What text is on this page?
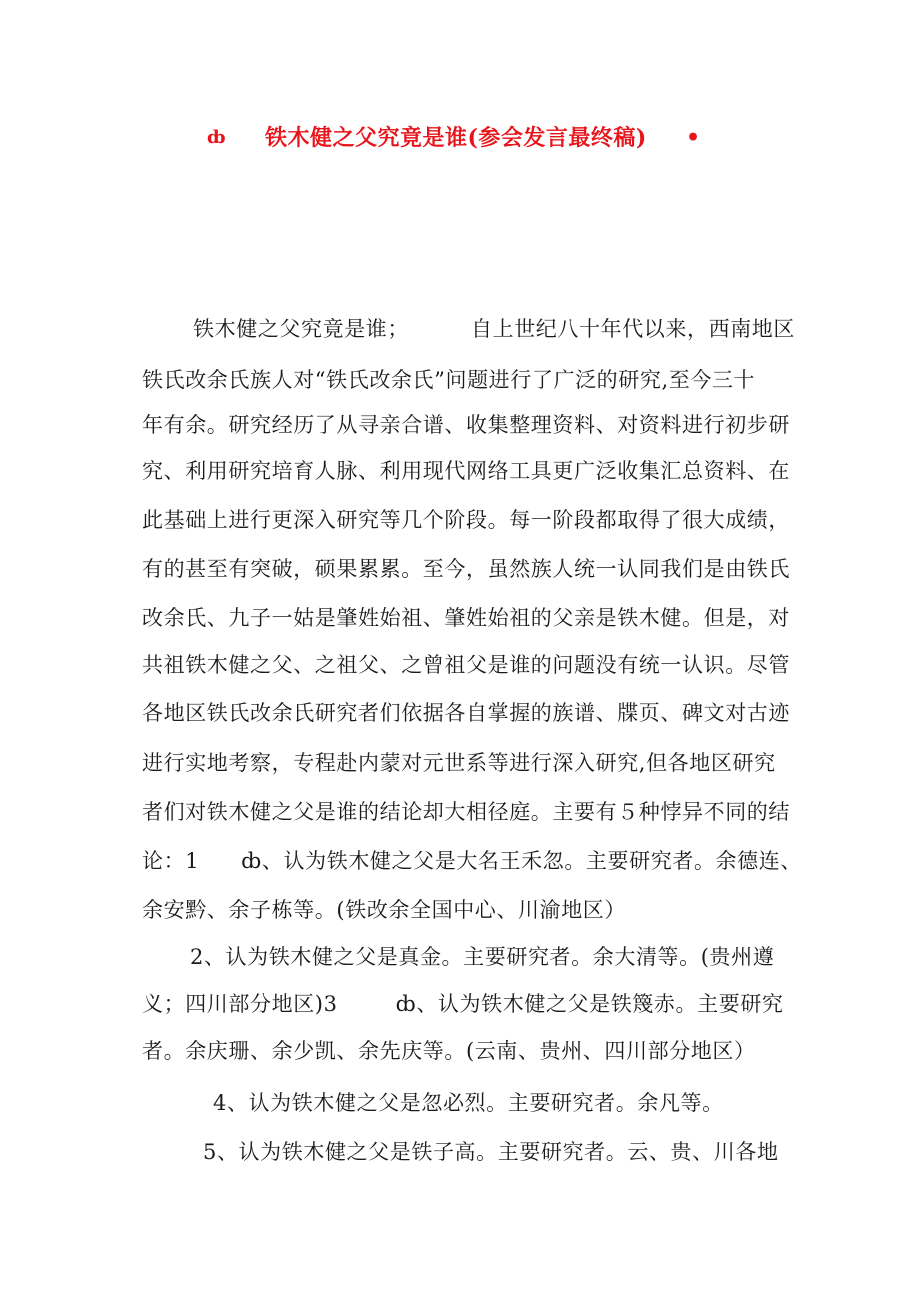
ȸ 铁木健之父究竟是谁(参会发言最终稿) •
铁木健之父究竟是谁；	自上世纪八十年代以来，西南地区
铁氏改余氏族人对“铁氏改余氏”问题进行了广泛的研究,至今三十
年有余。研究经历了从寻亲合谱、收集整理资料、对资料进行初步研
究、利用研究培育人脉、利用现代网络工具更广泛收集汇总资料、在
此基础上进行更深入研究等几个阶段。每一阶段都取得了很大成绩，
有的甚至有突破，硕果累累。至今，虽然族人统一认同我们是由铁氏
改余氏、九子一姑是肇姓始祖、肇姓始祖的父亲是铁木健。但是，对
共祖铁木健之父、之祖父、之曾祖父是谁的问题没有统一认识。尽管
各地区铁氏改余氏研究者们依据各自掌握的族谱、牒页、碑文对古迹
进行实地考察，专程赴内蒙对元世系等进行深入研究,但各地区研究
者们对铁木健之父是谁的结论却大相径庭。主要有５种悖异不同的结
论：1 ȸ、认为铁木健之父是大名王禾忽。主要研究者。余德连、
余安黔、余子栋等。(铁改余全国中心、川渝地区）
2、认为铁木健之父是真金。主要研究者。余大清等。(贵州遵
义；四川部分地区)3	ȸ、认为铁木健之父是铁篾赤。主要研究
者。余庆珊、余少凯、余先庆等。(云南、贵州、四川部分地区）
4、认为铁木健之父是忽必烈。主要研究者。余凡等。
5、认为铁木健之父是铁子高。主要研究者。云、贵、川各地
